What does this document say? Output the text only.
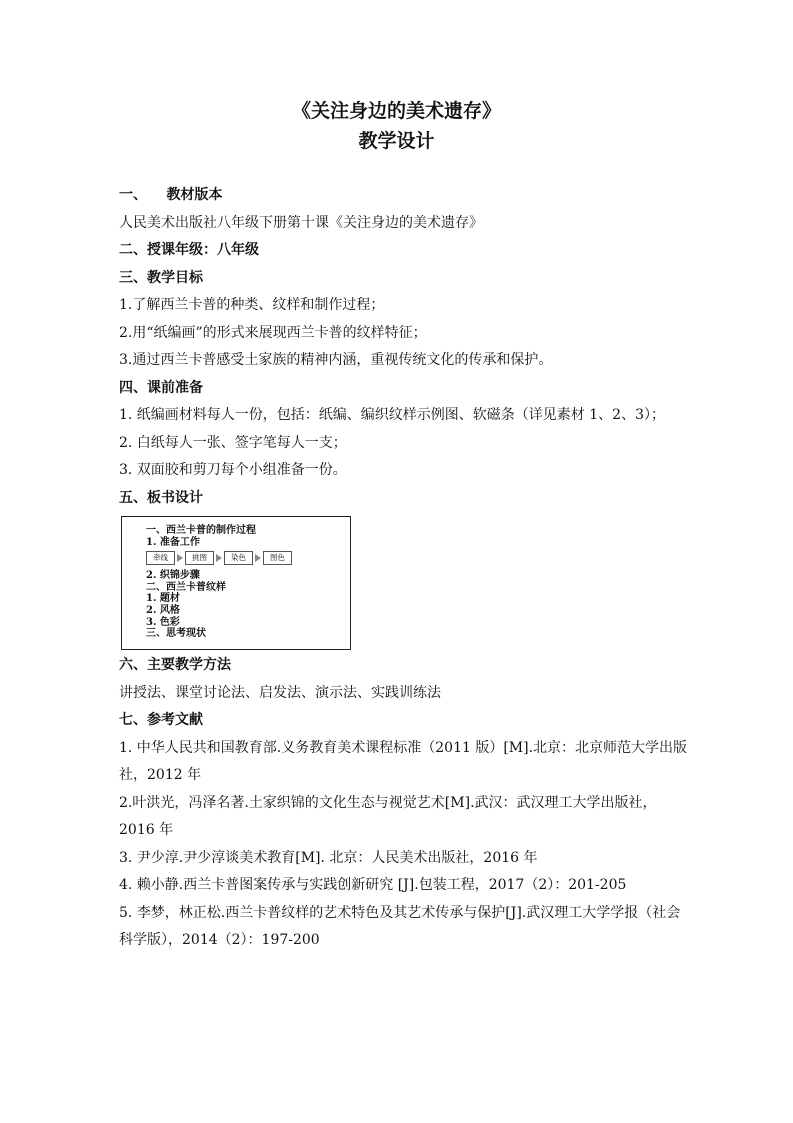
《关注身边的美术遗存》
教学设计
一、    教材版本
人民美术出版社八年级下册第十课《关注身边的美术遗存》
二、授课年级：八年级
三、教学目标
1.了解西兰卡普的种类、纹样和制作过程；
2.用“纸编画”的形式来展现西兰卡普的纹样特征；
3.通过西兰卡普感受土家族的精神内涵，重视传统文化的传承和保护。
四、课前准备
1. 纸编画材料每人一份，包括：纸编、编织纹样示例图、软磁条（详见素材 1、2、3）；
2. 白纸每人一张、签字笔每人一支；
3. 双面胶和剪刀每个小组准备一份。
五、板书设计
一、西兰卡普的制作过程
1. 准备工作
牵线	挑图	染色	图色
2. 织锦步骤
二、西兰卡普纹样
1. 题材
2. 风格
3. 色彩
三、思考现状
六、主要教学方法
讲授法、课堂讨论法、启发法、演示法、实践训练法
七、参考文献
1. 中华人民共和国教育部.义务教育美术课程标准（2011 版）[M].北京：北京师范大学出版社，2012 年
2.叶洪光，冯泽名著.土家织锦的文化生态与视觉艺术[M].武汉：武汉理工大学出版社，2016 年
3. 尹少淳.尹少淳谈美术教育[M]. 北京：人民美术出版社，2016 年
4. 赖小静.西兰卡普图案传承与实践创新研究 [J].包装工程，2017（2）：201-205
5. 李梦，林正松.西兰卡普纹样的艺术特色及其艺术传承与保护[J].武汉理工大学学报（社会科学版），2014（2）：197-200
